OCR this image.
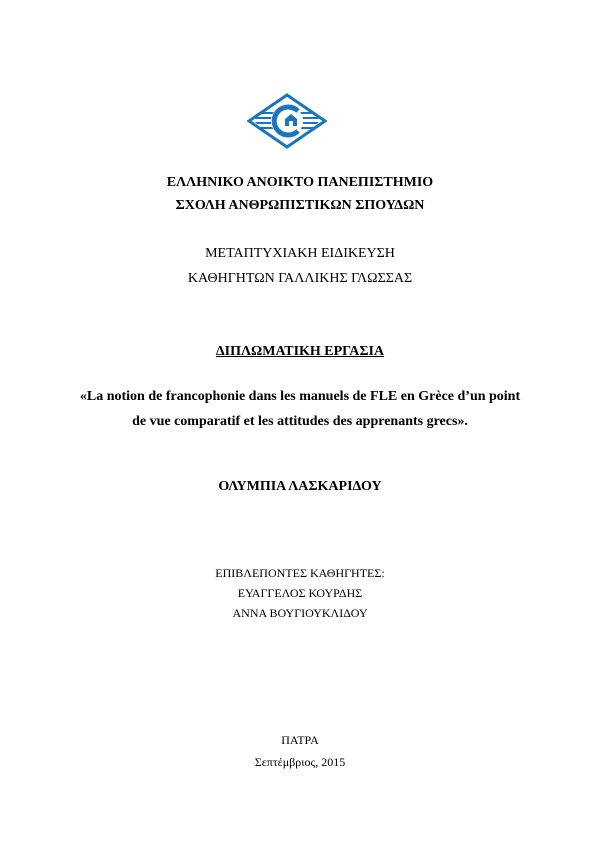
ΕΛΛΗΝΙΚΟ ΑΝΟΙΚΤΟ ΠΑΝΕΠΙΣΤΗΜΙΟ
ΣΧΟΛΗ ΑΝΘΡΩΠΙΣΤΙΚΩΝ ΣΠΟΥΔΩΝ
ΜΕΤΑΠΤΥΧΙΑΚΗ ΕΙΔΙΚΕΥΣΗ
ΚΑΘΗΓΗΤΩΝ ΓΑΛΛΙΚΗΣ ΓΛΩΣΣΑΣ
ΔΙΠΛΩΜΑΤΙΚΗ ΕΡΓΑΣΙΑ
«La notion de francophonie dans les manuels de FLE en Grèce d’un point
de vue comparatif et les attitudes des apprenants grecs».
ΟΛΥΜΠΙΑ ΛΑΣΚΑΡΙΔΟΥ
ΕΠΙΒΛΕΠΟΝΤΕΣ ΚΑΘΗΓΗΤΕΣ:
ΕΥΑΓΓΕΛΟΣ ΚΟΥΡΔΗΣ
ΑΝΝΑ ΒΟΥΓΙΟΥΚΛΙΔΟΥ
ΠΑΤΡΑ
Σεπτέμβριος, 2015
